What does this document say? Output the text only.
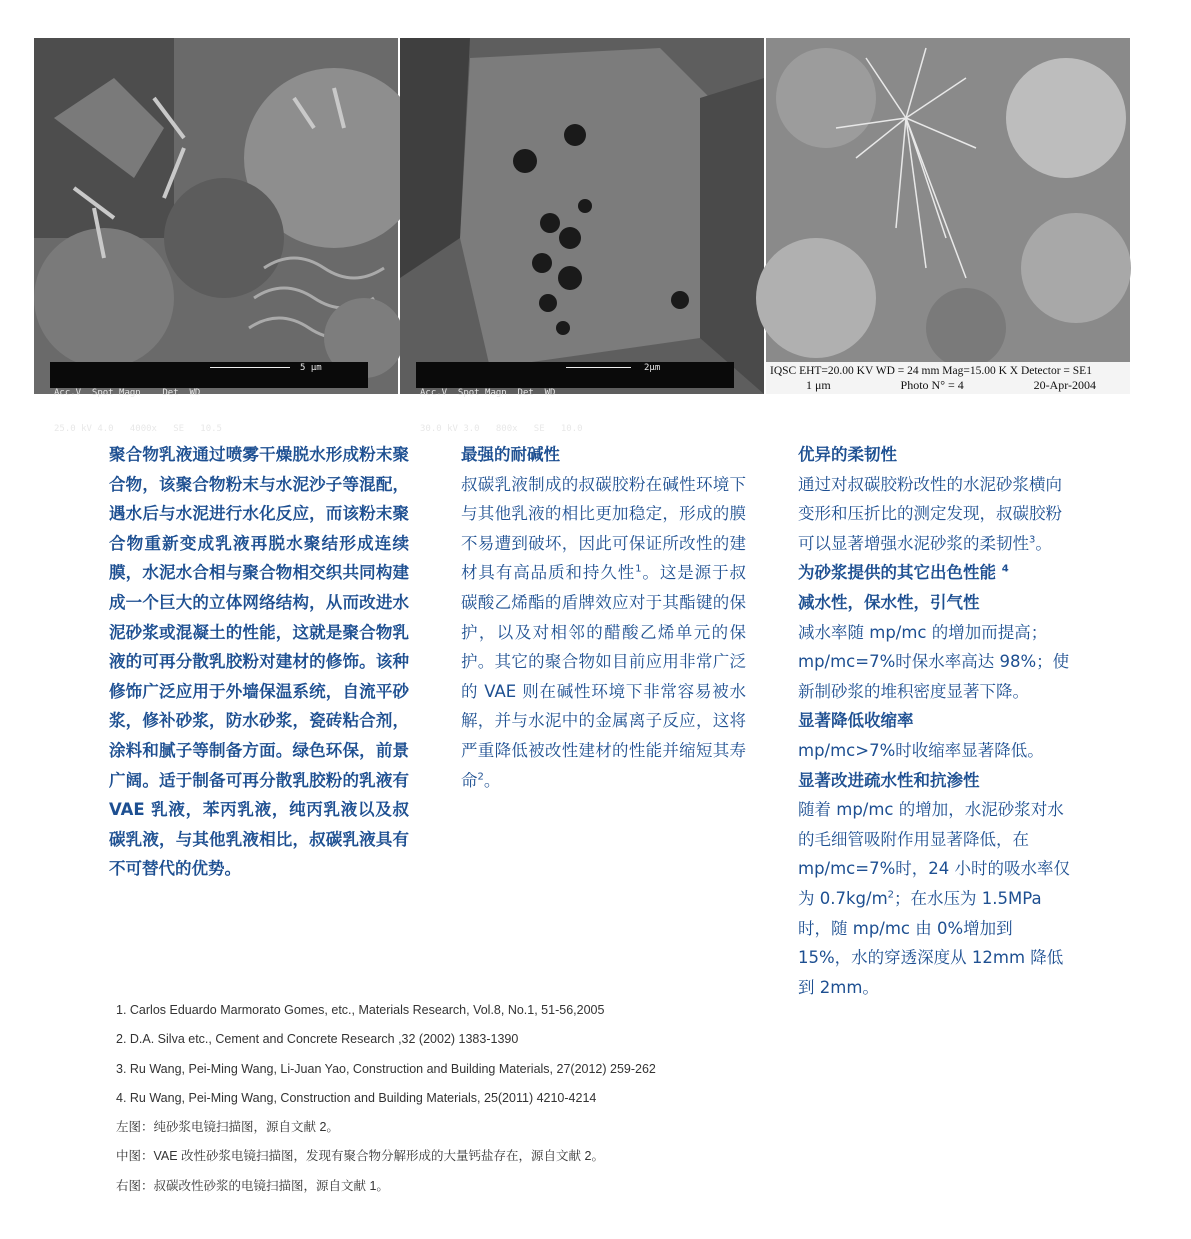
Acc.V  Spot Magn    Det  WD

25.0 kV 4.0   4000x   SE   10.5

5 μm

Acc.V  Spot Magn  Det  WD

30.0 kV 3.0   800x   SE   10.0

2μm

	IQSC EHT=20.00 KV WD = 24 mm Mag=15.00 K X Detector = SE1
1 μm	Photo N° = 4	20-Apr-2004

聚合物乳液通过喷雾干燥脱水形成粉末聚合物，该聚合物粉末与水泥沙子等混配，遇水后与水泥进行水化反应，而该粉末聚合物重新变成乳液再脱水聚结形成连续膜，水泥水合相与聚合物相交织共同构建成一个巨大的立体网络结构，从而改进水泥砂浆或混凝土的性能，这就是聚合物乳液的可再分散乳胶粉对建材的修饰。该种修饰广泛应用于外墙保温系统，自流平砂浆，修补砂浆，防水砂浆，瓷砖粘合剂，涂料和腻子等制备方面。绿色环保，前景广阔。适于制备可再分散乳胶粉的乳液有VAE 乳液，苯丙乳液，纯丙乳液以及叔碳乳液，与其他乳液相比，叔碳乳液具有不可替代的优势。

最强的耐碱性

叔碳乳液制成的叔碳胶粉在碱性环境下与其他乳液的相比更加稳定，形成的膜不易遭到破坏，因此可保证所改性的建材具有高品质和持久性$^1$。这是源于叔碳酸乙烯酯的盾牌效应对于其酯键的保护，以及对相邻的醋酸乙烯单元的保护。其它的聚合物如目前应用非常广泛的 VAE 则在碱性环境下非常容易被水解，并与水泥中的金属离子反应，这将严重降低被改性建材的性能并缩短其寿命$^2$。

优异的柔韧性

通过对叔碳胶粉改性的水泥砂浆横向变形和压折比的测定发现，叔碳胶粉可以显著增强水泥砂浆的柔韧性$^3$。

为砂浆提供的其它出色性能 $^4$

减水性，保水性，引气性

减水率随 mp/mc 的增加而提高；mp/mc=7%时保水率高达 98%；使新制砂浆的堆积密度显著下降。

显著降低收缩率

mp/mc>7%时收缩率显著降低。

显著改进疏水性和抗渗性

随着 mp/mc 的增加，水泥砂浆对水的毛细管吸附作用显著降低，在 mp/mc=7%时，24 小时的吸水率仅为 $0.7kg/m^2$；在水压为 1.5MPa 时，随 mp/mc 由 0%增加到 15%，水的穿透深度从 12mm 降低到 2mm。

1. Carlos Eduardo Marmorato Gomes, etc., Materials Research, Vol.8, No.1, 51-56,2005
2. D.A. Silva etc., Cement and Concrete Research ,32 (2002) 1383-1390
3. Ru Wang, Pei-Ming Wang, Li-Juan Yao, Construction and Building Materials, 27(2012) 259-262
4. Ru Wang, Pei-Ming Wang, Construction and Building Materials, 25(2011) 4210-4214
左图：纯砂浆电镜扫描图，源自文献 2。
中图：VAE 改性砂浆电镜扫描图，发现有聚合物分解形成的大量钙盐存在，源自文献 2。
右图：叔碳改性砂浆的电镜扫描图，源自文献 1。
